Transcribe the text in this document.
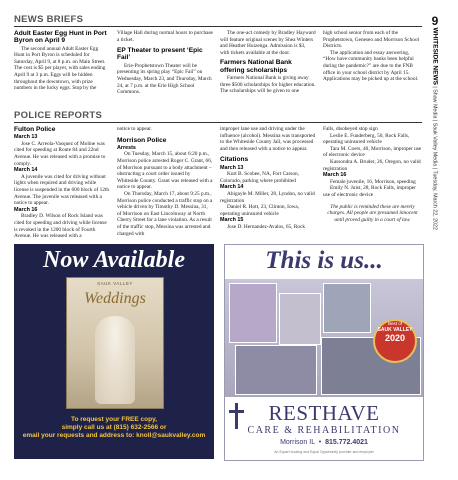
9
WHITESIDE NEWS | Shaw Media | Sauk Valley Media | Tuesday, March 22, 2022
NEWS BRIEFS
Adult Easter Egg Hunt in Port Byron on April 9

The second annual Adult Easter Egg Hunt in Port Byron is scheduled for Saturday, April 9, at 8 p.m. on Main Street. The cost is $5 per player, with sales ending April 9 at 3 p.m. Eggs will be hidden throughout the downtown, with prize numbers in the lucky eggs. Stop by the

Village Hall during normal hours to purchase a ticket.

EP Theater to present ‘Epic Fail’

Erie-Prophetstown Theater will be presenting its spring play “Epic Fail” on Wednesday, March 23, and Thursday, March 24, at 7 p.m. at the Erie High School Commons.

The one-act comedy by Bradley Hayward will feature original scenes by Shea Winters and Heather Huizenga. Admission is $3, with tickets available at the door.

Farmers National Bank offering scholarships

Farmers National Bank is giving away three $500 scholarships for higher education. The scholarships will be given to one

high school senior from each of the Prophetstown, Geneseo and Morrison School Districts.

The application and essay answering, “How have community banks been helpful during the pandemic?” are due to the FNB office in your school district by April 15. Applications may be picked up at the school.

POLICE REPORTS
Fulton Police
March 13

Jose C. Arreola-Vasquez of Moline was cited for speeding at Route 84 and 22nd Avenue. He was released with a promise to comply.

March 14

A juvenile was cited for driving without lights when required and driving while license is suspended in the 600 block of 12th Avenue. The juvenile was released with a notice to appear.

March 16

Bradley D. Wilson of Rock Island was cited for speeding and driving while license is revoked in the 1200 block of Fourth Avenue. He was released with a

notice to appear.

Morrison Police
Arrests

On Tuesday, March 15, about 6:20 p.m., Morrison police arrested Roger C. Grant, 66, of Morrison pursuant to a body attachment – obstructing a court order issued by Whiteside County. Grant was released with a notice to appear.

On Thursday, March 17, about 9:25 p.m., Morrison police conducted a traffic stop on a vehicle driven by Timothy D. Messina, 31, of Morrison on East Lincolnway at North Cherry Street for a lane violation. As a result of the traffic stop, Messina was arrested and charged with

improper lane use and driving under the influence (alcohol). Messina was transported to the Whiteside County Jail, was processed and then released with a notice to appear.

Citations
March 13

Kurt B. Scobee, NA, Fort Carson, Colorado, parking where prohibited

March 14

Abigayle M. Miller, 28, Lyndon, no valid registration

Daniel R. Hott, 23, Clinton, Iowa, operating uninsured vehicle

March 15

Jose D. Hernandez-Avalos, 65, Rock

Falls, disobeyed stop sign

Leslie E. Funderberg, 50, Rock Falls, operating uninsured vehicle

Tara M. Coers, 40, Morrison, improper use of electronic device

Kassondra A. Bruder, 26, Oregon, no valid registration

March 16

Female juvenile, 16, Morrison, speeding

Emily N. Juist, 28, Rock Falls, improper use of electronic device

The public is reminded these are merely charges. All people are presumed innocent until proved guilty in a court of law.

Now Available
SAUK VALLEY
Weddings
To request your FREE copy,
simply call us at (815) 632-2566 or
email your requests and address to: knoll@saukvalley.com
This is us...
Best of
SAUK VALLEY
2020
RESTHAVE
CARE & REHABILITATION
Morrison IL  •  815.772.4021
An Equal Housing and Equal Opportunity provider and employer
